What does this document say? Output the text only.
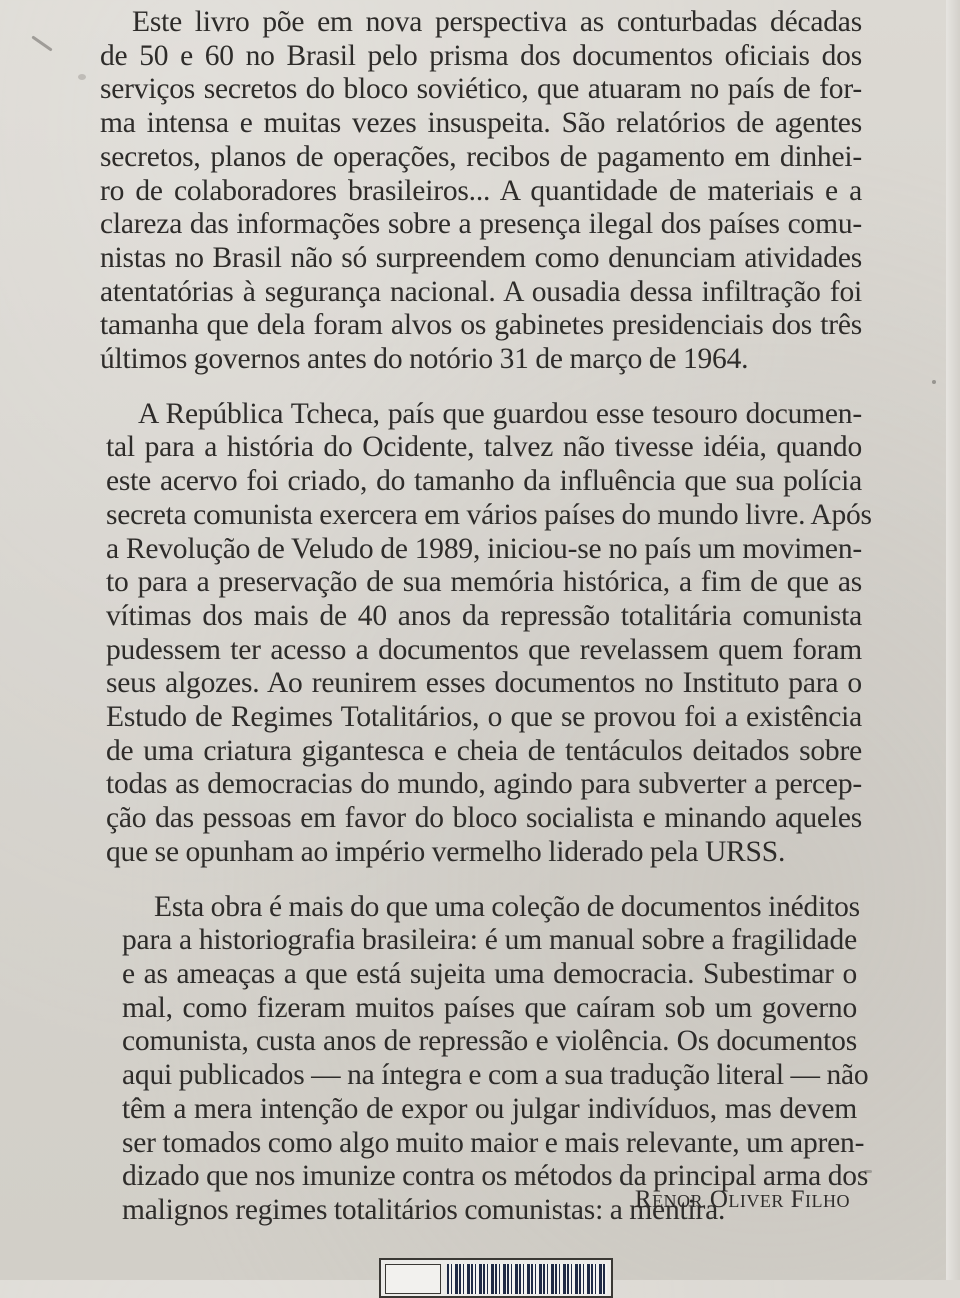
Este livro põe em nova perspectiva as conturbadas décadas
de 50 e 60 no Brasil pelo prisma dos documentos oficiais dos
serviços secretos do bloco soviético, que atuaram no país de for-
ma intensa e muitas vezes insuspeita. São relatórios de agentes
secretos, planos de operações, recibos de pagamento em dinhei-
ro de colaboradores brasileiros... A quantidade de materiais e a
clareza das informações sobre a presença ilegal dos países comu-
nistas no Brasil não só surpreendem como denunciam atividades
atentatórias à segurança nacional. A ousadia dessa infiltração foi
tamanha que dela foram alvos os gabinetes presidenciais dos três
últimos governos antes do notório 31 de março de 1964.

A República Tcheca, país que guardou esse tesouro documen-
tal para a história do Ocidente, talvez não tivesse idéia, quando
este acervo foi criado, do tamanho da influência que sua polícia
secreta comunista exercera em vários países do mundo livre. Após
a Revolução de Veludo de 1989, iniciou-se no país um movimen-
to para a preservação de sua memória histórica, a fim de que as
vítimas dos mais de 40 anos da repressão totalitária comunista
pudessem ter acesso a documentos que revelassem quem foram
seus algozes. Ao reunirem esses documentos no Instituto para o
Estudo de Regimes Totalitários, o que se provou foi a existência
de uma criatura gigantesca e cheia de tentáculos deitados sobre
todas as democracias do mundo, agindo para subverter a percep-
ção das pessoas em favor do bloco socialista e minando aqueles
que se opunham ao império vermelho liderado pela URSS.

Esta obra é mais do que uma coleção de documentos inéditos
para a historiografia brasileira: é um manual sobre a fragilidade
e as ameaças a que está sujeita uma democracia. Subestimar o
mal, como fizeram muitos países que caíram sob um governo
comunista, custa anos de repressão e violência. Os documentos
aqui publicados — na íntegra e com a sua tradução literal — não
têm a mera intenção de expor ou julgar indivíduos, mas devem
ser tomados como algo muito maior e mais relevante, um apren-
dizado que nos imunize contra os métodos da principal arma dos
malignos regimes totalitários comunistas: a mentira.

Renor Oliver Filho
